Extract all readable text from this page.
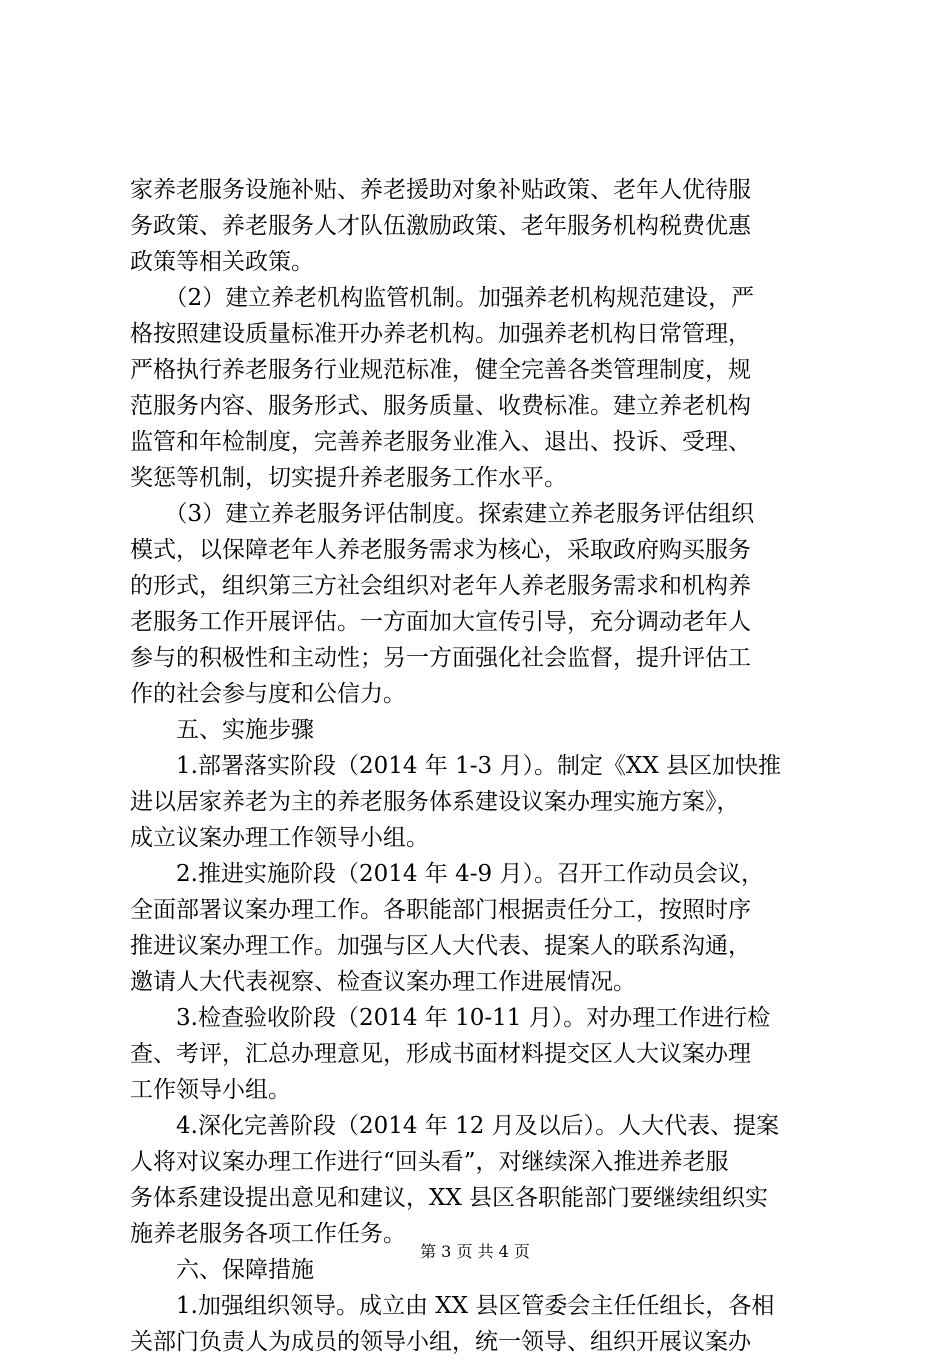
家养老服务设施补贴、养老援助对象补贴政策、老年人优待服
务政策、养老服务人才队伍激励政策、老年服务机构税费优惠
政策等相关政策。
　　（2）建立养老机构监管机制。加强养老机构规范建设，严
格按照建设质量标准开办养老机构。加强养老机构日常管理，
严格执行养老服务行业规范标准，健全完善各类管理制度，规
范服务内容、服务形式、服务质量、收费标准。建立养老机构
监管和年检制度，完善养老服务业准入、退出、投诉、受理、
奖惩等机制，切实提升养老服务工作水平。
　　（3）建立养老服务评估制度。探索建立养老服务评估组织
模式，以保障老年人养老服务需求为核心，采取政府购买服务
的形式，组织第三方社会组织对老年人养老服务需求和机构养
老服务工作开展评估。一方面加大宣传引导，充分调动老年人
参与的积极性和主动性；另一方面强化社会监督，提升评估工
作的社会参与度和公信力。
　　五、实施步骤
　　1.部署落实阶段（2014 年 1-3 月）。制定《XX 县区加快推
进以居家养老为主的养老服务体系建设议案办理实施方案》，
成立议案办理工作领导小组。
　　2.推进实施阶段（2014 年 4-9 月）。召开工作动员会议，
全面部署议案办理工作。各职能部门根据责任分工，按照时序
推进议案办理工作。加强与区人大代表、提案人的联系沟通，
邀请人大代表视察、检查议案办理工作进展情况。
　　3.检查验收阶段（2014 年 10-11 月）。对办理工作进行检
查、考评，汇总办理意见，形成书面材料提交区人大议案办理
工作领导小组。
　　4.深化完善阶段（2014 年 12 月及以后）。人大代表、提案
人将对议案办理工作进行“回头看”，对继续深入推进养老服
务体系建设提出意见和建议，XX 县区各职能部门要继续组织实
施养老服务各项工作任务。
　　六、保障措施
　　1.加强组织领导。成立由 XX 县区管委会主任任组长，各相
关部门负责人为成员的领导小组，统一领导、组织开展议案办
第 3 页 共 4 页
